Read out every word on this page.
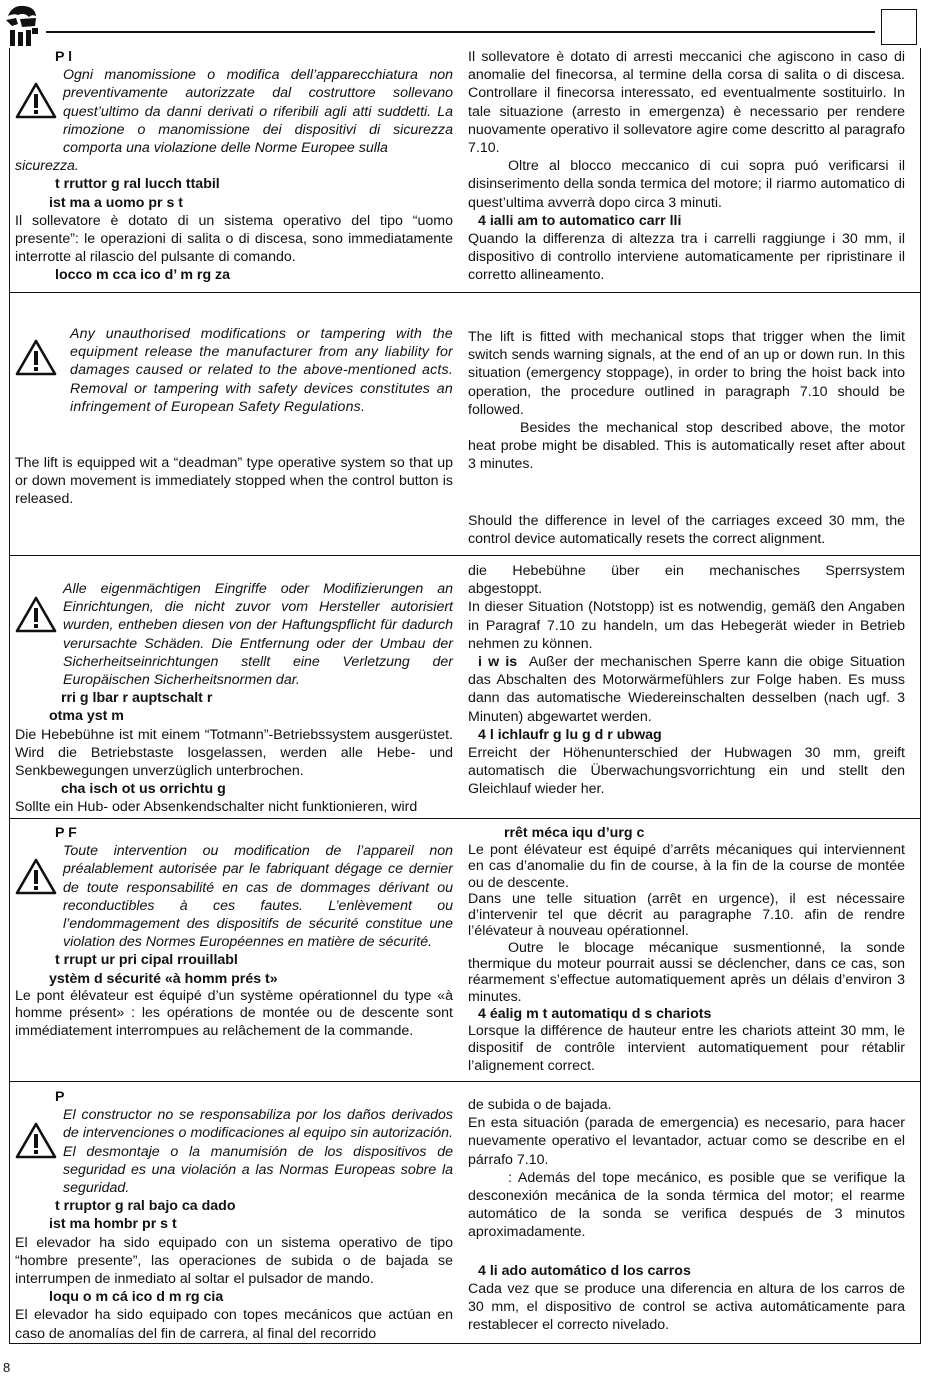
P l

Ogni manomissione o modifica dell’apparecchiatura non preventivamente autorizzate dal costruttore sollevano quest’ultimo da danni derivati o riferibili agli atti suddetti. La rimozione o manomissione dei dispositivi di sicurezza comporta una violazione delle Norme Europee sulla

sicurezza.

t rruttor g ral lucch ttabil

ist ma a uomo pr s t

Il sollevatore è dotato di un sistema operativo del tipo “uomo presente”: le operazioni di salita o di discesa, sono immediatamente interrotte al rilascio del pulsante di comando.

locco m cca ico d’ m rg za

Il sollevatore è dotato di arresti meccanici che agiscono in caso di anomalie del finecorsa, al termine della corsa di salita o di discesa. Controllare il finecorsa interessato, ed eventualmente sostituirlo. In tale situazione (arresto in emergenza) è necessario per rendere nuovamente operativo il sollevatore agire come descritto al paragrafo 7.10.

Oltre al blocco meccanico di cui sopra puó verificarsi il disinserimento della sonda termica del motore; il riarmo automatico di quest’ultima avverrà dopo circa 3 minuti.

4 ialli am to automatico carr lli

Quando la differenza di altezza tra i carrelli raggiunge i 30 mm, il dispositivo di controllo interviene automaticamente per ripristinare il corretto allineamento.

Any unauthorised modifications or tampering with the equipment release the manufacturer from any liability for damages caused or related to the above-mentioned acts. Removal or tampering with safety devices constitutes an infringement of European Safety Regulations.

The lift is equipped wit a “deadman” type operative system so that up or down movement is immediately stopped when the control button is released.

The lift is fitted with mechanical stops that trigger when the limit switch sends warning signals, at the end of an up or down run. In this situation (emergency stoppage), in order to bring the hoist back into operation, the procedure outlined in paragraph 7.10 should be followed.

Besides the mechanical stop described above, the motor heat probe might be disabled. This is automatically reset after about 3 minutes.

Should the difference in level of the carriages exceed 30 mm, the control device automatically resets the correct alignment.

Alle eigenmächtigen Eingriffe oder Modifizierungen an Einrichtungen, die nicht zuvor vom Hersteller autorisiert wurden, entheben diesen von der Haftungspflicht für dadurch verursachte Schäden. Die Entfernung oder der Umbau der Sicherheitseinrichtungen stellt eine Verletzung der Europäischen Sicherheitsnormen dar.

rri g lbar r auptschalt r

otma yst m

Die Hebebühne ist mit einem “Totmann”-Betriebssystem ausgerüstet. Wird die Betriebstaste losgelassen, werden alle Hebe- und Senkbewegungen unverzüglich unterbrochen.

cha isch ot us orrichtu g

Sollte ein Hub- oder Absenkendschalter nicht funktionieren, wird

die Hebebühne über ein mechanisches Sperrsystem abgestoppt.

In dieser Situation (Notstopp) ist es notwendig, gemäß den Angaben in Paragraf 7.10 zu handeln, um das Hebegerät wieder in Betrieb nehmen zu können.

i w is Außer der mechanischen Sperre kann die obige Situation das Abschalten des Motorwärmefühlers zur Folge haben. Es muss dann das automatische Wiedereinschalten desselben (nach ugf. 3 Minuten) abgewartet werden.

4 l ichlaufr g lu g d r ubwag

Erreicht der Höhenunterschied der Hubwagen 30 mm, greift automatisch die Überwachungsvorrichtung ein und stellt den Gleichlauf wieder her.

P F

Toute intervention ou modification de l’appareil non préalablement autorisée par le fabriquant dégage ce dernier de toute responsabilité en cas de dommages dérivant ou reconductibles à ces fautes. L’enlèvement ou l’endommagement des dispositifs de sécurité constitue une violation des Normes Européennes en matière de sécurité.

t rrupt ur pri cipal rrouillabl

ystèm d sécurité «à homm prés t»

Le pont élévateur est équipé d’un système opérationnel du type «à homme présent» : les opérations de montée ou de descente sont immédiatement interrompues au relâchement de la commande.

rrêt méca iqu d’urg c

Le pont élévateur est équipé d’arrêts mécaniques qui interviennent en cas d’anomalie du fin de course, à la fin de la course de montée ou de descente.

Dans une telle situation (arrêt en urgence), il est nécessaire d’intervenir tel que décrit au paragraphe 7.10. afin de rendre l’élévateur à nouveau opérationnel.

Outre le blocage mécanique susmentionné, la sonde thermique du moteur pourrait aussi se déclencher, dans ce cas, son réarmement s’effectue automatiquement après un délais d’environ 3 minutes.

4 éalig m t automatiqu d s chariots

Lorsque la différence de hauteur entre les chariots atteint 30 mm, le dispositif de contrôle intervient automatiquement pour rétablir l’alignement correct.

P

El constructor no se responsabiliza por los daños derivados de intervenciones o modificaciones al equipo sin autorización. El desmontaje o la manumisión de los dispositivos de seguridad es una violación a las Normas Europeas sobre la seguridad.

t rruptor g ral bajo ca dado

ist ma hombr pr s t

El elevador ha sido equipado con un sistema operativo de tipo “hombre presente”, las operaciones de subida o de bajada se interrumpen de inmediato al soltar el pulsador de mando.

loqu o m cá ico d m rg cia

El elevador ha sido equipado con topes mecánicos que actúan en caso de anomalías del fin de carrera, al final del recorrido

de subida o de bajada.

En esta situación (parada de emergencia) es necesario, para hacer nuevamente operativo el levantador, actuar como se describe en el párrafo 7.10.

: Además del tope mecánico, es posible que se verifique la desconexión mecánica de la sonda térmica del motor; el rearme automático de la sonda se verifica después de 3 minutos aproximadamente.

4 li ado automático d los carros

Cada vez que se produce una diferencia en altura de los carros de 30 mm, el dispositivo de control se activa automáticamente para restablecer el correcto nivelado.

8
